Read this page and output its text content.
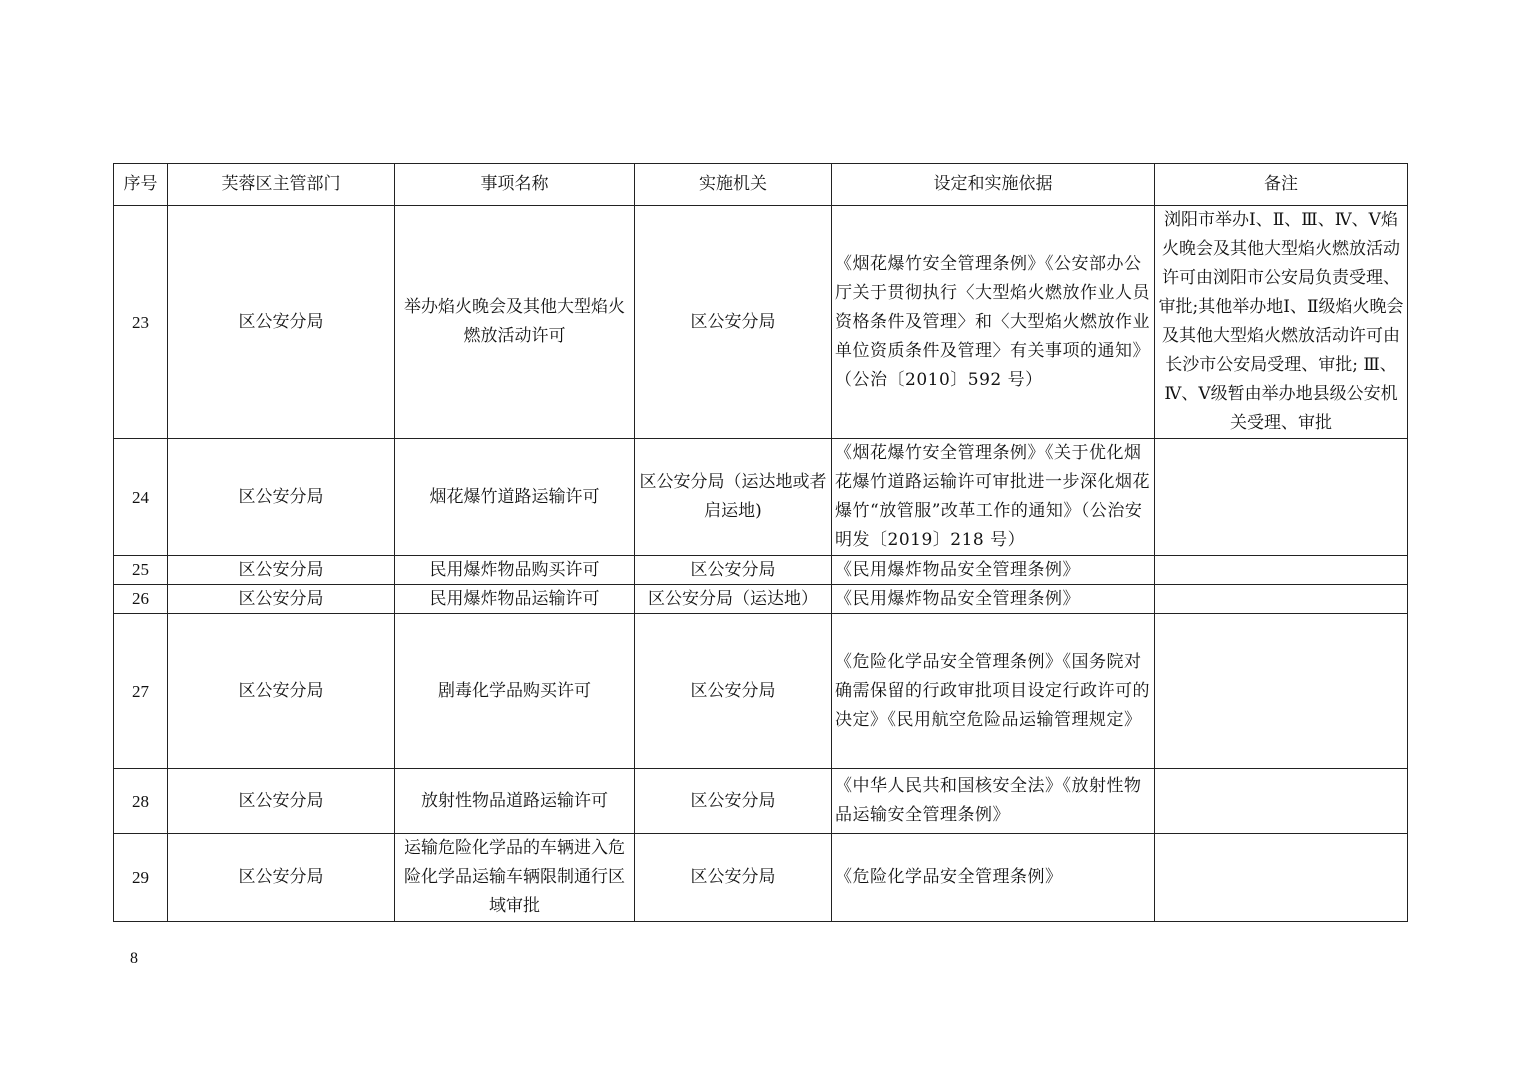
序号	芙蓉区主管部门	事项名称	实施机关	设定和实施依据	备注
23	区公安分局	举办焰火晚会及其他大型焰火燃放活动许可	区公安分局	《烟花爆竹安全管理条例》《公安部办公厅关于贯彻执行〈大型焰火燃放作业人员资格条件及管理〉和〈大型焰火燃放作业单位资质条件及管理〉有关事项的通知》（公治〔2010〕592 号）	浏阳市举办Ⅰ、Ⅱ、Ⅲ、Ⅳ、Ⅴ焰火晚会及其他大型焰火燃放活动许可由浏阳市公安局负责受理、审批;其他举办地Ⅰ、Ⅱ级焰火晚会及其他大型焰火燃放活动许可由长沙市公安局受理、审批; Ⅲ、Ⅳ、Ⅴ级暂由举办地县级公安机关受理、审批
24	区公安分局	烟花爆竹道路运输许可	区公安分局（运达地或者启运地)	《烟花爆竹安全管理条例》《关于优化烟花爆竹道路运输许可审批进一步深化烟花爆竹“放管服”改革工作的通知》（公治安明发〔2019〕218 号）	
25	区公安分局	民用爆炸物品购买许可	区公安分局	《民用爆炸物品安全管理条例》	
26	区公安分局	民用爆炸物品运输许可	区公安分局（运达地）	《民用爆炸物品安全管理条例》	
27	区公安分局	剧毒化学品购买许可	区公安分局	《危险化学品安全管理条例》《国务院对确需保留的行政审批项目设定行政许可的决定》《民用航空危险品运输管理规定》	
28	区公安分局	放射性物品道路运输许可	区公安分局	《中华人民共和国核安全法》《放射性物品运输安全管理条例》	
29	区公安分局	运输危险化学品的车辆进入危险化学品运输车辆限制通行区域审批	区公安分局	《危险化学品安全管理条例》	
8
